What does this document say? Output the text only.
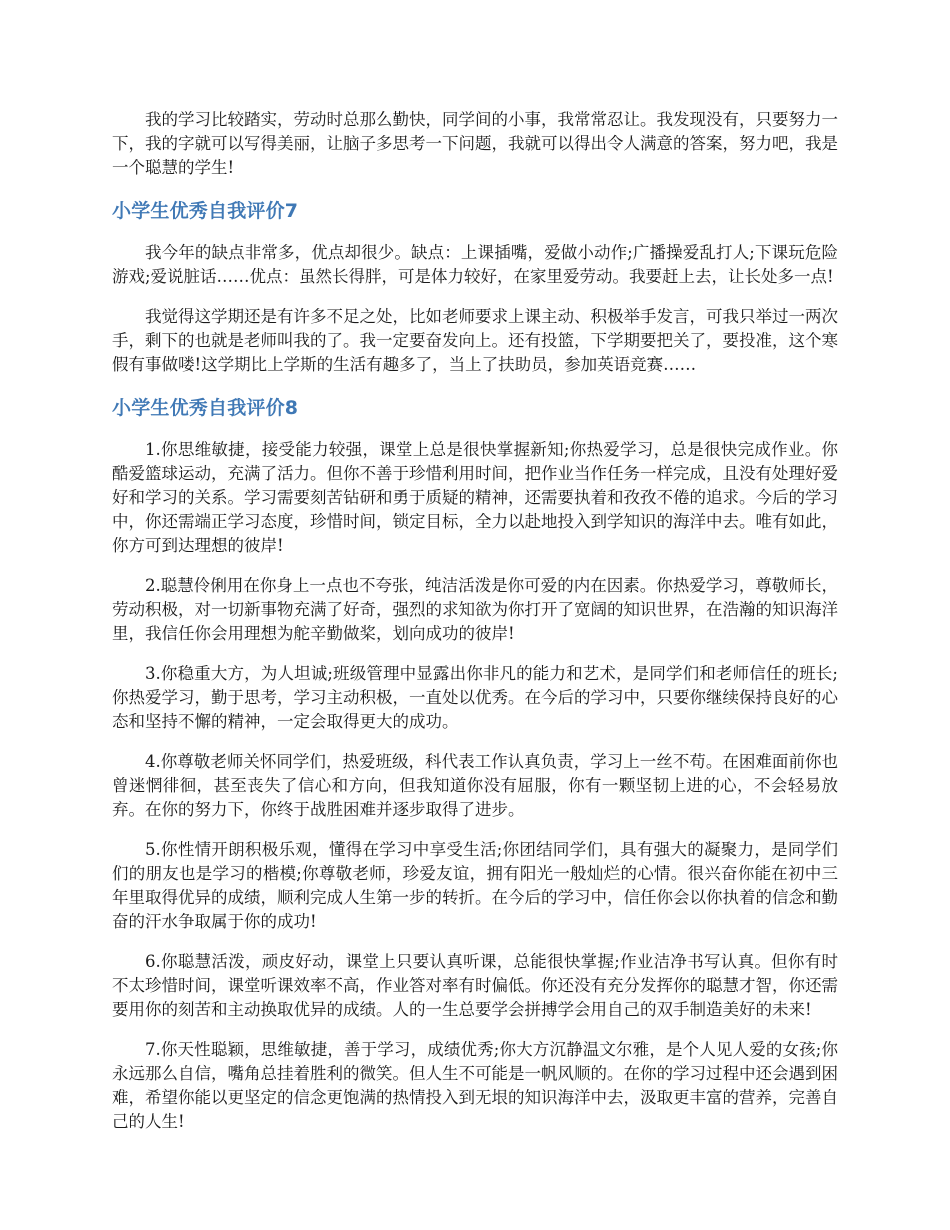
我的学习比较踏实，劳动时总那么勤快，同学间的小事，我常常忍让。我发现没有，只要努力一下，我的字就可以写得美丽，让脑子多思考一下问题，我就可以得出令人满意的答案，努力吧，我是一个聪慧的学生!

小学生优秀自我评价7

我今年的缺点非常多，优点却很少。缺点：上课插嘴，爱做小动作;广播操爱乱打人;下课玩危险游戏;爱说脏话……优点：虽然长得胖，可是体力较好，在家里爱劳动。我要赶上去，让长处多一点!

我觉得这学期还是有许多不足之处，比如老师要求上课主动、积极举手发言，可我只举过一两次手，剩下的也就是老师叫我的了。我一定要奋发向上。还有投篮，下学期要把关了，要投准，这个寒假有事做喽!这学期比上学斯的生活有趣多了，当上了扶助员，参加英语竞赛……

小学生优秀自我评价8

1.你思维敏捷，接受能力较强，课堂上总是很快掌握新知;你热爱学习，总是很快完成作业。你酷爱篮球运动，充满了活力。但你不善于珍惜利用时间，把作业当作任务一样完成，且没有处理好爱好和学习的关系。学习需要刻苦钻研和勇于质疑的精神，还需要执着和孜孜不倦的追求。今后的学习中，你还需端正学习态度，珍惜时间，锁定目标，全力以赴地投入到学知识的海洋中去。唯有如此，你方可到达理想的彼岸!

2.聪慧伶俐用在你身上一点也不夸张，纯洁活泼是你可爱的内在因素。你热爱学习，尊敬师长，劳动积极，对一切新事物充满了好奇，强烈的求知欲为你打开了宽阔的知识世界，在浩瀚的知识海洋里，我信任你会用理想为舵辛勤做桨，划向成功的彼岸!

3.你稳重大方，为人坦诚;班级管理中显露出你非凡的能力和艺术，是同学们和老师信任的班长;你热爱学习，勤于思考，学习主动积极，一直处以优秀。在今后的学习中，只要你继续保持良好的心态和坚持不懈的精神，一定会取得更大的成功。

4.你尊敬老师关怀同学们，热爱班级，科代表工作认真负责，学习上一丝不苟。在困难面前你也曾迷惘徘徊，甚至丧失了信心和方向，但我知道你没有屈服，你有一颗坚韧上进的心，不会轻易放弃。在你的努力下，你终于战胜困难并逐步取得了进步。

5.你性情开朗积极乐观，懂得在学习中享受生活;你团结同学们，具有强大的凝聚力，是同学们们的朋友也是学习的楷模;你尊敬老师，珍爱友谊，拥有阳光一般灿烂的心情。很兴奋你能在初中三年里取得优异的成绩，顺利完成人生第一步的转折。在今后的学习中，信任你会以你执着的信念和勤奋的汗水争取属于你的成功!

6.你聪慧活泼，顽皮好动，课堂上只要认真听课，总能很快掌握;作业洁净书写认真。但你有时不太珍惜时间，课堂听课效率不高，作业答对率有时偏低。你还没有充分发挥你的聪慧才智，你还需要用你的刻苦和主动换取优异的成绩。人的一生总要学会拼搏学会用自己的双手制造美好的未来!

7.你天性聪颖，思维敏捷，善于学习，成绩优秀;你大方沉静温文尔雅，是个人见人爱的女孩;你永远那么自信，嘴角总挂着胜利的微笑。但人生不可能是一帆风顺的。在你的学习过程中还会遇到困难，希望你能以更坚定的信念更饱满的热情投入到无垠的知识海洋中去，汲取更丰富的营养，完善自己的人生!
